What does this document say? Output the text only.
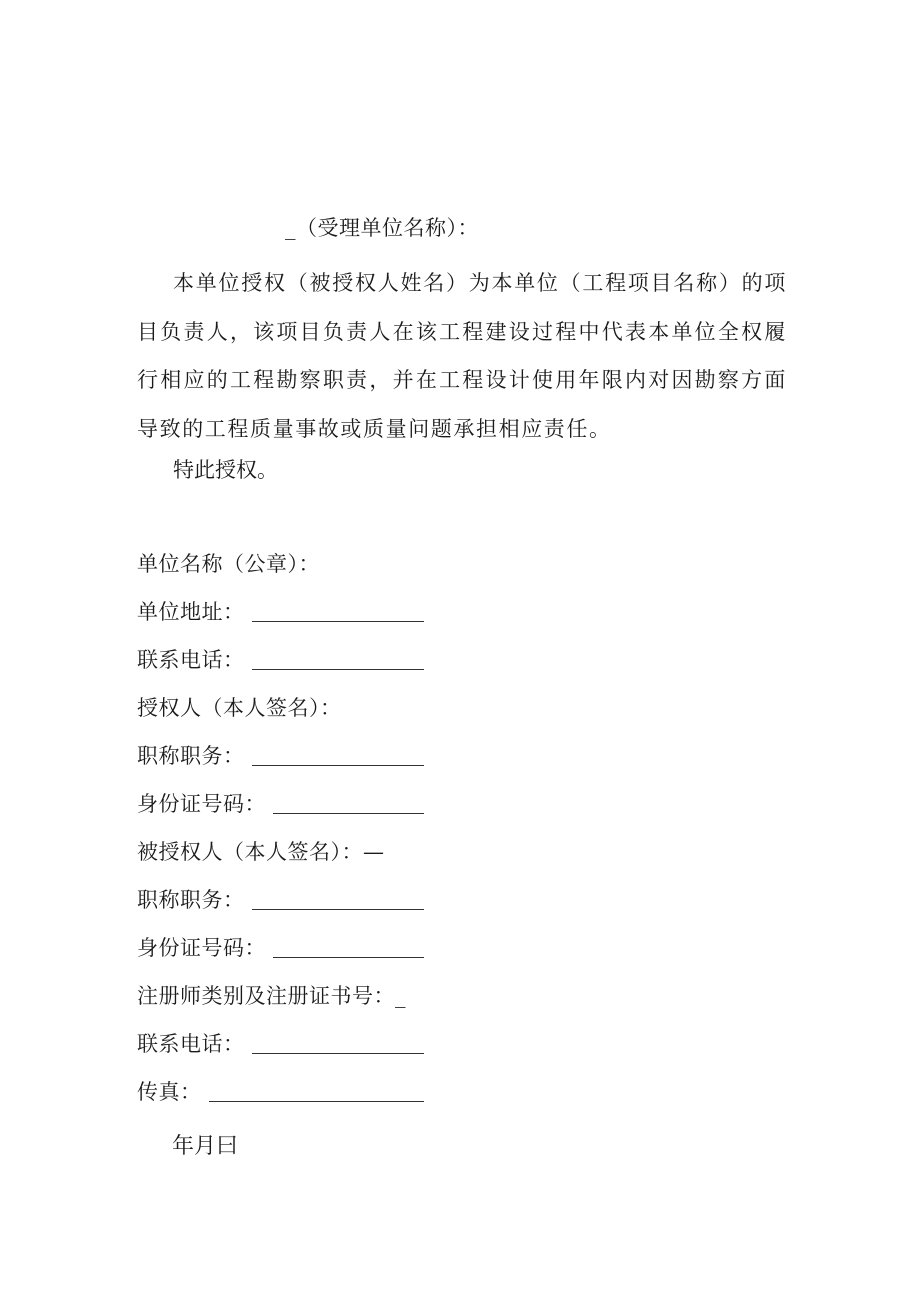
_（受理单位名称）：

本单位授权（被授权人姓名）为本单位（工程项目名称）的项目负责人，该项目负责人在该工程建设过程中代表本单位全权履行相应的工程勘察职责，并在工程设计使用年限内对因勘察方面导致的工程质量事故或质量问题承担相应责任。

特此授权。
单位名称（公章）：
单位地址：
联系电话：
授权人（本人签名）：
职称职务：
身份证号码：
被授权人（本人签名）：—
职称职务：
身份证号码：
注册师类别及注册证书号：_
联系电话：
传真：
年月曰
